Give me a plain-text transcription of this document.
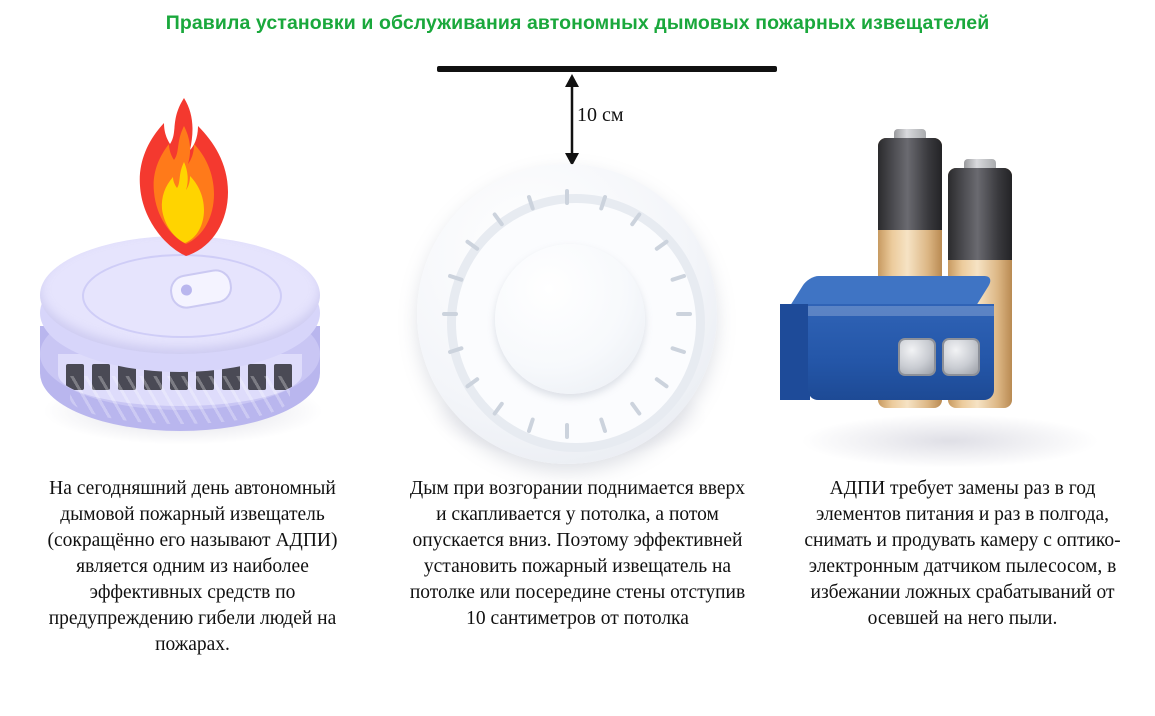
Правила установки и обслуживания автономных дымовых пожарных извещателей
На сегодняшний день автономный дымовой пожарный извещатель (сокращённо его называют АДПИ) является одним из наиболее эффективных средств по предупреждению гибели людей на пожарах.
10 см
Дым при возгорании поднимается вверх и скапливается у потолка, а потом опускается вниз. Поэтому эффективней установить пожарный извещатель на потолке или посередине стены отступив 10 сантиметров от потолка
АДПИ требует замены раз в год элементов питания и раз в полгода, снимать и продувать камеру с оптико-электронным датчиком пылесосом, в избежании ложных срабатываний от осевшей на него пыли.
